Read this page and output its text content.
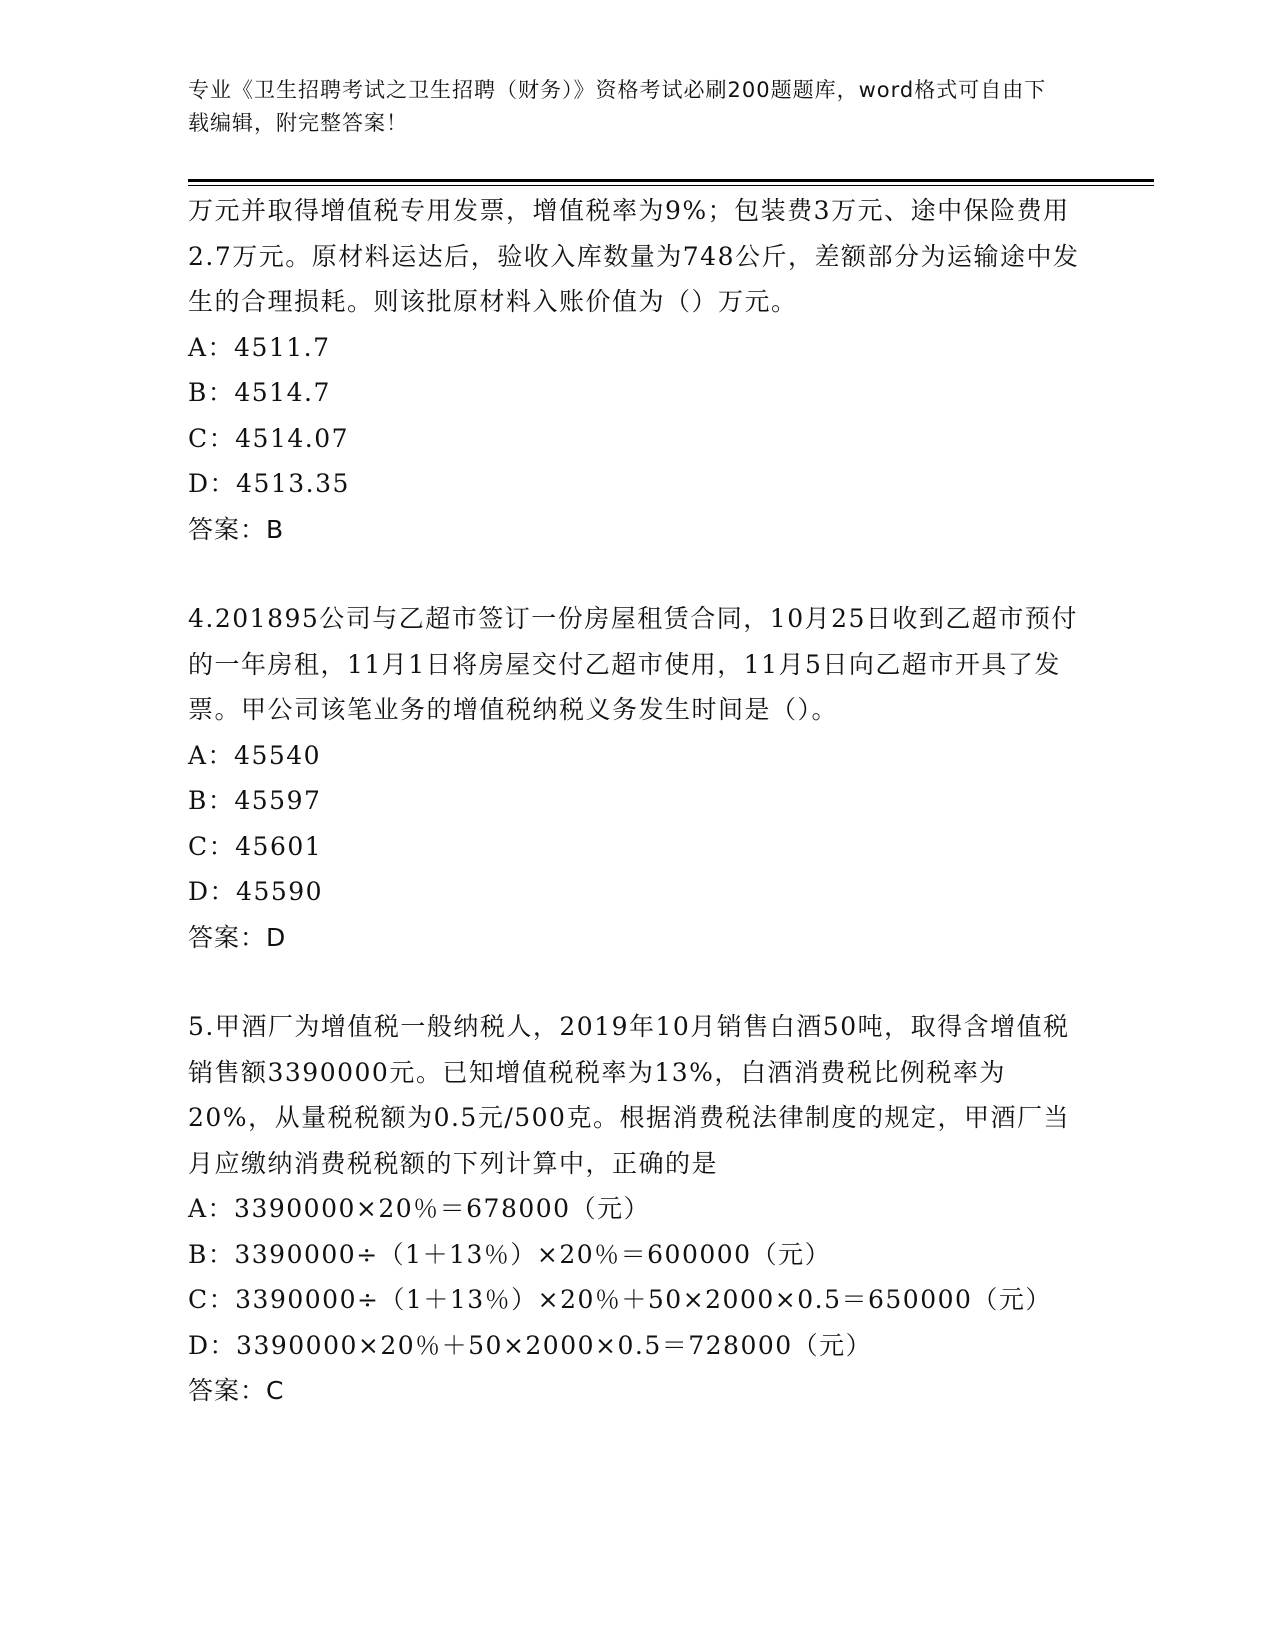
专业《卫生招聘考试之卫生招聘（财务）》资格考试必刷200题题库，word格式可自由下载编辑，附完整答案！

万元并取得增值税专用发票，增值税率为9%；包装费3万元、途中保险费用2.7万元。原材料运达后，验收入库数量为748公斤，差额部分为运输途中发生的合理损耗。则该批原材料入账价值为（）万元。

A：4511.7

B：4514.7

C：4514.07

D：4513.35

答案：B

4.201895公司与乙超市签订一份房屋租赁合同，10月25日收到乙超市预付的一年房租，11月1日将房屋交付乙超市使用，11月5日向乙超市开具了发票。甲公司该笔业务的增值税纳税义务发生时间是（）。

A：45540

B：45597

C：45601

D：45590

答案：D

5.甲酒厂为增值税一般纳税人，2019年10月销售白酒50吨，取得含增值税销售额3390000元。已知增值税税率为13%，白酒消费税比例税率为20%，从量税税额为0.5元/500克。根据消费税法律制度的规定，甲酒厂当月应缴纳消费税税额的下列计算中，正确的是

A：3390000×20％＝678000（元）

B：3390000÷（1＋13％）×20％＝600000（元）

C：3390000÷（1＋13％）×20％＋50×2000×0.5＝650000（元）

D：3390000×20％＋50×2000×0.5＝728000（元）

答案：C
